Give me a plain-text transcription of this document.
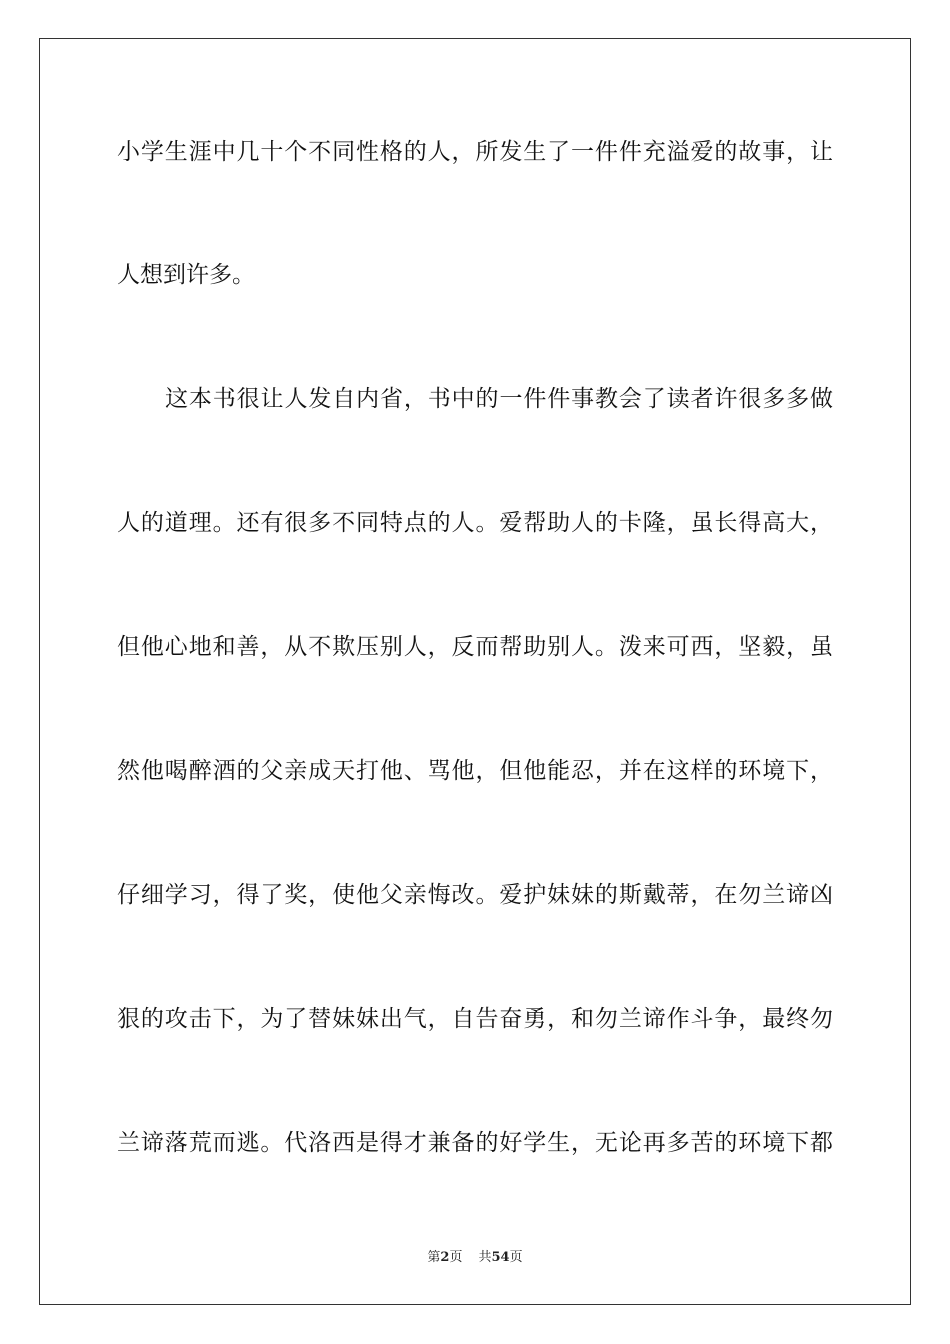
小学生涯中几十个不同性格的人，所发生了一件件充溢爱的故事，让
人想到许多。
这本书很让人发自内省，书中的一件件事教会了读者许很多多做
人的道理。还有很多不同特点的人。爱帮助人的卡隆，虽长得高大，
但他心地和善，从不欺压别人，反而帮助别人。泼来可西，坚毅，虽
然他喝醉酒的父亲成天打他、骂他，但他能忍，并在这样的环境下，
仔细学习，得了奖，使他父亲悔改。爱护妹妹的斯戴蒂，在勿兰谛凶
狠的攻击下，为了替妹妹出气，自告奋勇，和勿兰谛作斗争，最终勿
兰谛落荒而逃。代洛西是得才兼备的好学生，无论再多苦的环境下都
第2页 共54页
